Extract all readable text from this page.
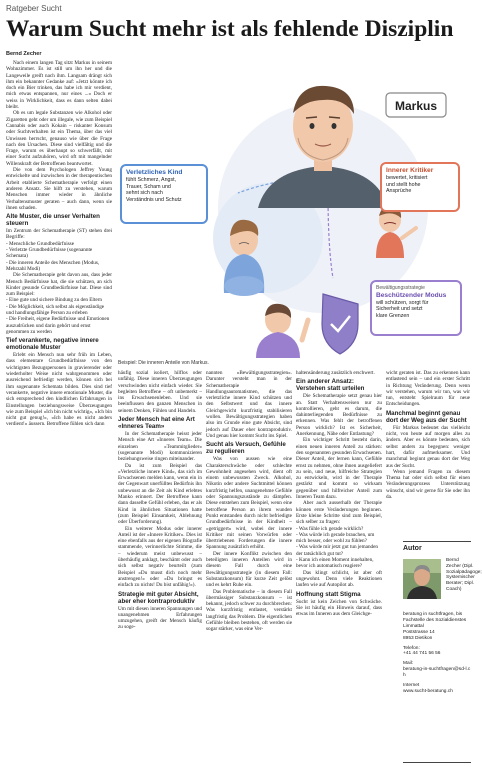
Ratgeber Sucht
Warum Sucht mehr ist als fehlende Disziplin
Bernd Zecher

Nach einem langen Tag sitzt Markus in seinem Wohnzimmer. Es ist still um ihn her und die Langeweile greift nach ihm. Langsam drängt sich ihm ein bekannter Gedanke auf: «Jetzt könnte ich doch ein Bier trinken, das habe ich mir verdient, mich etwas entspannen, nur eines ...» Doch er weiss in Wirklichkeit, dass es dann selten dabei bleibt.

Ob es um legale Substanzen wie Alkohol oder Zigaretten geht oder um illegale, wie zum Beispiel Cannabis oder auch Kokain – riskanter Konsum oder Suchtverhalten ist ein Thema, über das viel Unwissen herrscht, genauso wie über die Frage nach den Ursachen. Diese sind vielfältig und die Frage, warum es überhaupt so schwerfällt, mit einer Sucht aufzuhören, wird oft mit mangelnder Willenskraft der Betroffenen beantwortet.

Die von dem Psychologen Jeffrey Young entwickelte und inzwischen in der therapeutischen Arbeit etablierte Schematherapie verfolgt einen anderen Ansatz. Sie hilft zu verstehen, warum Menschen immer wieder in ähnliche Verhaltensmuster geraten – auch dann, wenn sie ihnen schaden.

Alte Muster, die unser Verhalten steuern

Im Zentrum der Schematherapie (ST) stehen drei Begriffe:

- Menschliche Grundbedürfnisse
- Verletzte Grundbedürfnisse (sogenannte Schemata)
- Die inneren Anteile des Menschen (Modus, Mehrzahl Modi)

Die Schematherapie geht davon aus, dass jeder Mensch Bedürfnisse hat, die sie schützen, an sich Kinder gesunde Grundbedürfnisse hat. Diese sind zum Beispiel:

- Eine gute und sichere Bindung zu den Eltern
- Die Möglichkeit, sich selbst als eigenständige und handlungsfähige Person zu erleben
- Die Freiheit, eigene Bedürfnisse und Emotionen auszudrücken und darin gehört und ernst genommen zu werden
Tief verankerte, negative innere emotionale Muster

Erlebt ein Mensch nun sehr früh im Leben, dass elementare Grundbedürfnisse von den wichtigsten Bezugspersonen in gravierender oder wiederholter Weise nicht wahrgenommen oder ausreichend befriedigt werden, können sich bei ihm sogenannte Schemata bilden. Dies sind tief verankerte, negative innere emotionale Muster, die sich entsprechend den kindlichen Erfahrungen in Einstellungen beziehungsweise Überzeugungen wie zum Beispiel «Ich bin nicht wichtig», «Ich bin nicht gut genug!», «Ich habe es nicht anders verdient!» äussern. Betroffene fühlen sich dann

Markus
Verletzliches Kind
fühlt Schmerz, Angst,
Trauer, Scham und
sehnt sich nach
Verständnis und Schutz
Innerer Kritiker
bewertet, kritisiert
und stellt hohe
Ansprüche
Bewältigungsstrategie
Beschützender Modus
will schützen, sorgt für
Sicherheit und setzt
klare Grenzen
Beispiel: Die inneren Anteile von Markus.

häufig sozial isoliert, hilflos oder unfähig. Diese inneren Überzeugungen verschwinden nicht einfach wieder. Sie begleiten Betroffene – oft unbemerkt – ins Erwachsenenleben. Und sie beeinflussen den ganzen Menschen in seinem Denken, Fühlen und Handeln.

Jeder Mensch hat eine Art «Inneres Team»

In der Schematherapie heisst jeder Mensch eine Art «Inneres Team». Die einzelnen «Teammitglieder» (sogenannte Modi) kommunizieren beziehungsweise ringen miteinander.

Da ist zum Beispiel das «Verletzliche innere Kind», das sich im Erwachsenen melden kann, wenn ein in der Gegenwart unerfülltes Bedürfnis ihn unbewusst an die Zeit als Kind erlebtes Manko erinnert. Der Betroffene kann dann dasselbe Gefühl erleben, das er als Kind in ähnlichen Situationen hatte (zum Beispiel Einsamkeit, Ablehnung oder Überforderung).

Ein weiterer Modus oder innerer Anteil ist der «Innere Kritiker». Dies ist eine ebenfalls aus der eigenen Biografie stammende, verinnerlichte Stimme, die – wiederum meist unbewusst – überhäufig anklagt, beschämt oder auch sich selbst negativ beurteilt (zum Beispiel «Du musst dich noch mehr anstrengen!» oder «Du bringst es einfach zu nichts! Du bist unfähig!»).

Strategie mit guter Absicht, aber eher kontraproduktiv

Um mit diesen inneren Spannungen und unangenehmen Erfahrungen umzugehen, greift der Mensch häufig zu soge-

nannten «Bewältigungsstrategien». Darunter versteht man in der Schematherapie Handlungsautomatismen, die das verletzliche innere Kind schützen und den Selbstwert und das innere Gleichgewicht kurzfristig stabilisieren wollen. Bewältigungsstrategien haben also im Grunde eine gute Absicht, sind jedoch auf Dauer eher kontraproduktiv. Und genau hier kommt Sucht ins Spiel.

Sucht als Versuch, Gefühle zu regulieren

Was von aussen wie eine Charakterschwäche oder schlechte Gewohnheit angesehen wird, dient oft einem unbewussten Zweck. Alkohol, Nikotin oder andere Suchtmittel können kurzfristig helfen, unangenehme Gefühle oder Spannungszustände zu dämpfen. Diese entstehen zum Beispiel, wenn eine betroffene Person an ihrem wunden Punkt entstanden durch nicht befriedigte Grundbedürfnisse in der Kindheit – «getriggert» wird, wobei der innere Kritiker mit seinen Vorwürfen oder übertriebenen Forderungen die innere Spannung zusätzlich erhöht.

Der innere Konflikt zwischen den beteiligten inneren Anteilen wird in diesem Fall durch eine Bewältigungsstrategie (in diesem Fall: Substanzkonsum) für kurze Zeit gelöst und es kehrt Ruhe ein.

Das Problematische – in diesem Fall übermässiger Substanzkonsum – ist bekannt, jedoch schwer zu durchbrechen: Was kurzfristig entlastet, verstärkt langfristig das Problem. Die eigentlichen Gefühle bleiben bestehen, oft werden sie sogar stärker, was eine Ver-

haltensänderung zusätzlich erschwert.

Ein anderer Ansatz: Verstehen statt urteilen

Die Schematherapie setzt genau hier an. Statt Verhaltensweisen nur zu kontrollieren, geht es darum, die dahinterliegenden Bedürfnisse zu erkennen. Was fehlt der betroffenen Person wirklich? Ist es Sicherheit, Anerkennung, Nähe oder Entlastung?

Ein wichtiger Schritt besteht darin, einen neuen inneren Anteil zu stärken: den sogenannten gesunden Erwachsenen. Dieser Anteil, der lernen kann, Gefühle ernst zu nehmen, ohne ihnen ausgeliefert zu sein, und neue, hilfreiche Strategien zu entwickeln, wird in der Therapie gestärkt und kommt so wirksam gegenüber und hilfreicher Anteil zum Inneren Team dazu.

Aber auch ausserhalb der Therapie können erste Veränderungen beginnen. Erste kleine Schritte sind zum Beispiel, sich selber zu fragen:

- Was fühle ich gerade wirklich?
- Was würde ich gerade brauchen, um mich besser, oder wohl zu fühlen?
- Was würde mir jetzt gut tun jemanden der tatsächlich gut tut?
- Kann ich einen Moment innehalten, bevor ich automatisch reagiere?

Das klingt schlicht, ist aber oft ungewohnt. Denn viele Reaktionen laufen wie auf Autopilot ab.

Hoffnung statt Stigma

Sucht ist kein Zeichen von Schwäche. Sie ist häufig ein Hinweis darauf, dass etwas im Inneren aus dem Gleichge-

wicht geraten ist. Das zu erkennen kann entlastend sein – und ein erster Schritt in Richtung Veränderung. Denn wenn wir verstehen, warum wir tun, was wir tun, entsteht Spielraum für neue Entscheidungen.

Manchmal beginnt genau dort der Weg aus der Sucht

Für Markus bedeutet das vielleicht nicht, von heute auf morgen alles zu ändern. Aber es könnte bedeuten, sich selbst anders zu begegnen: weniger hart, dafür aufmerksamer. Und manchmal beginnt genau dort der Weg aus der Sucht.

Wenn jemand Fragen zu diesem Thema hat oder sich selbst für einen Veränderungsprozess Unterstützung wünscht, sind wir gerne für Sie oder ihn da.

Autor
Bernd Zecher (Dipl. Sozialpädagoge; Systemischer Berater; Dipl. Coach)
beratung in suchtfragen, bis Fachstelle des Sozialdienstes Limmattal
Poststrasse 14
8953 Dietikon
Telefon:
+41 44 741 56 56
Mail:
beratung-in-suchtfragen@sd-l.ch
Internet
www.sucht-beratung.ch
